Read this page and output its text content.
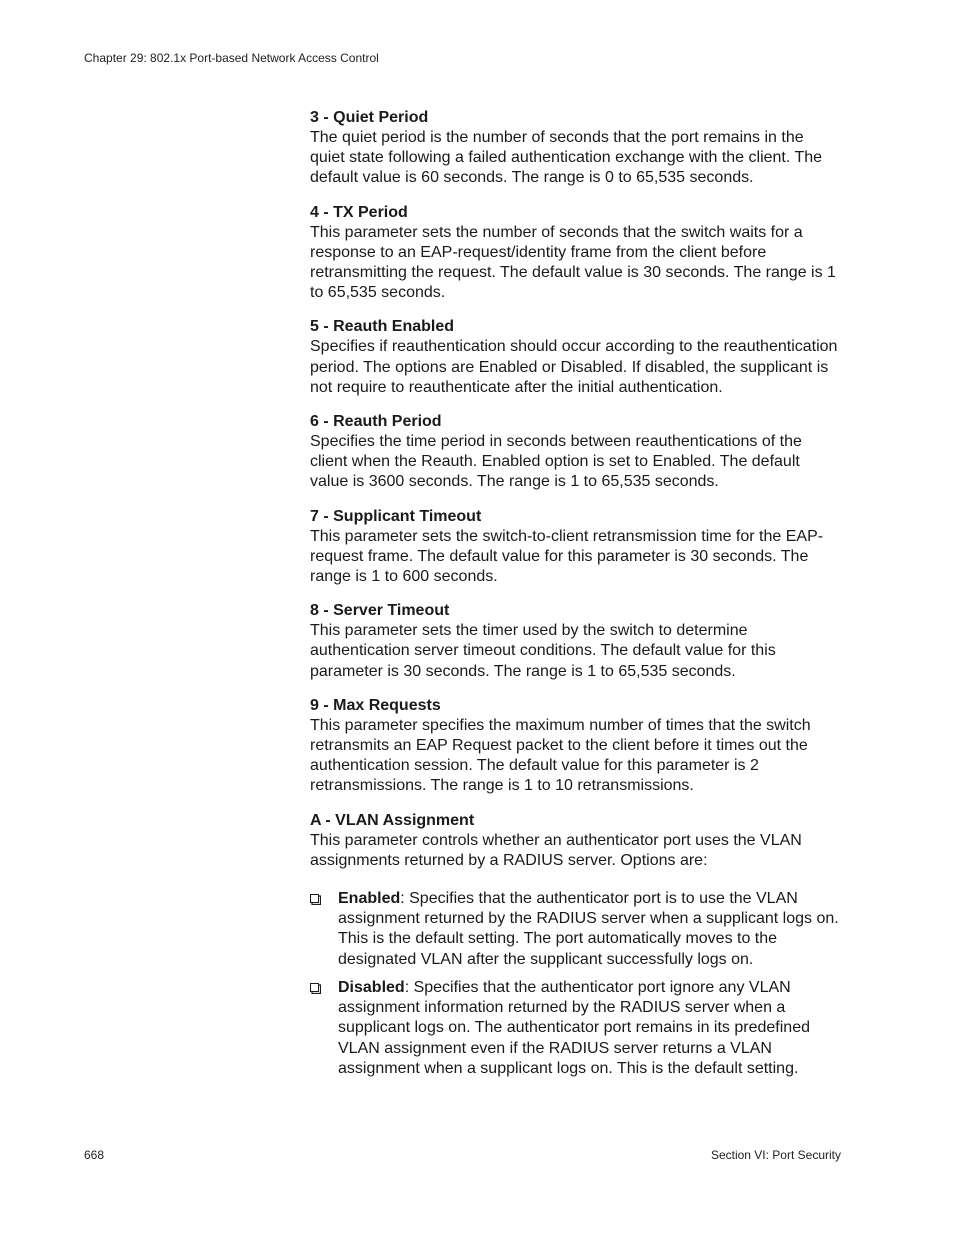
Chapter 29: 802.1x Port-based Network Access Control

3 - Quiet Period

The quiet period is the number of seconds that the port remains in the quiet state following a failed authentication exchange with the client. The default value is 60 seconds. The range is 0 to 65,535 seconds.

4 - TX Period

This parameter sets the number of seconds that the switch waits for a response to an EAP-request/identity frame from the client before retransmitting the request. The default value is 30 seconds. The range is 1 to 65,535 seconds.

5 - Reauth Enabled

Specifies if reauthentication should occur according to the reauthentication period. The options are Enabled or Disabled. If disabled, the supplicant is not require to reauthenticate after the initial authentication.

6 - Reauth Period

Specifies the time period in seconds between reauthentications of the client when the Reauth. Enabled option is set to Enabled. The default value is 3600 seconds. The range is 1 to 65,535 seconds.

7 - Supplicant Timeout

This parameter sets the switch-to-client retransmission time for the EAP-request frame. The default value for this parameter is 30 seconds. The range is 1 to 600 seconds.

8 - Server Timeout

This parameter sets the timer used by the switch to determine authentication server timeout conditions. The default value for this parameter is 30 seconds. The range is 1 to 65,535 seconds.

9 - Max Requests

This parameter specifies the maximum number of times that the switch retransmits an EAP Request packet to the client before it times out the authentication session. The default value for this parameter is 2 retransmissions. The range is 1 to 10 retransmissions.

A - VLAN Assignment

This parameter controls whether an authenticator port uses the VLAN assignments returned by a RADIUS server. Options are:

Enabled: Specifies that the authenticator port is to use the VLAN assignment returned by the RADIUS server when a supplicant logs on. This is the default setting. The port automatically moves to the designated VLAN after the supplicant successfully logs on.
Disabled: Specifies that the authenticator port ignore any VLAN assignment information returned by the RADIUS server when a supplicant logs on. The authenticator port remains in its predefined VLAN assignment even if the RADIUS server returns a VLAN assignment when a supplicant logs on. This is the default setting.
668	Section VI: Port Security
